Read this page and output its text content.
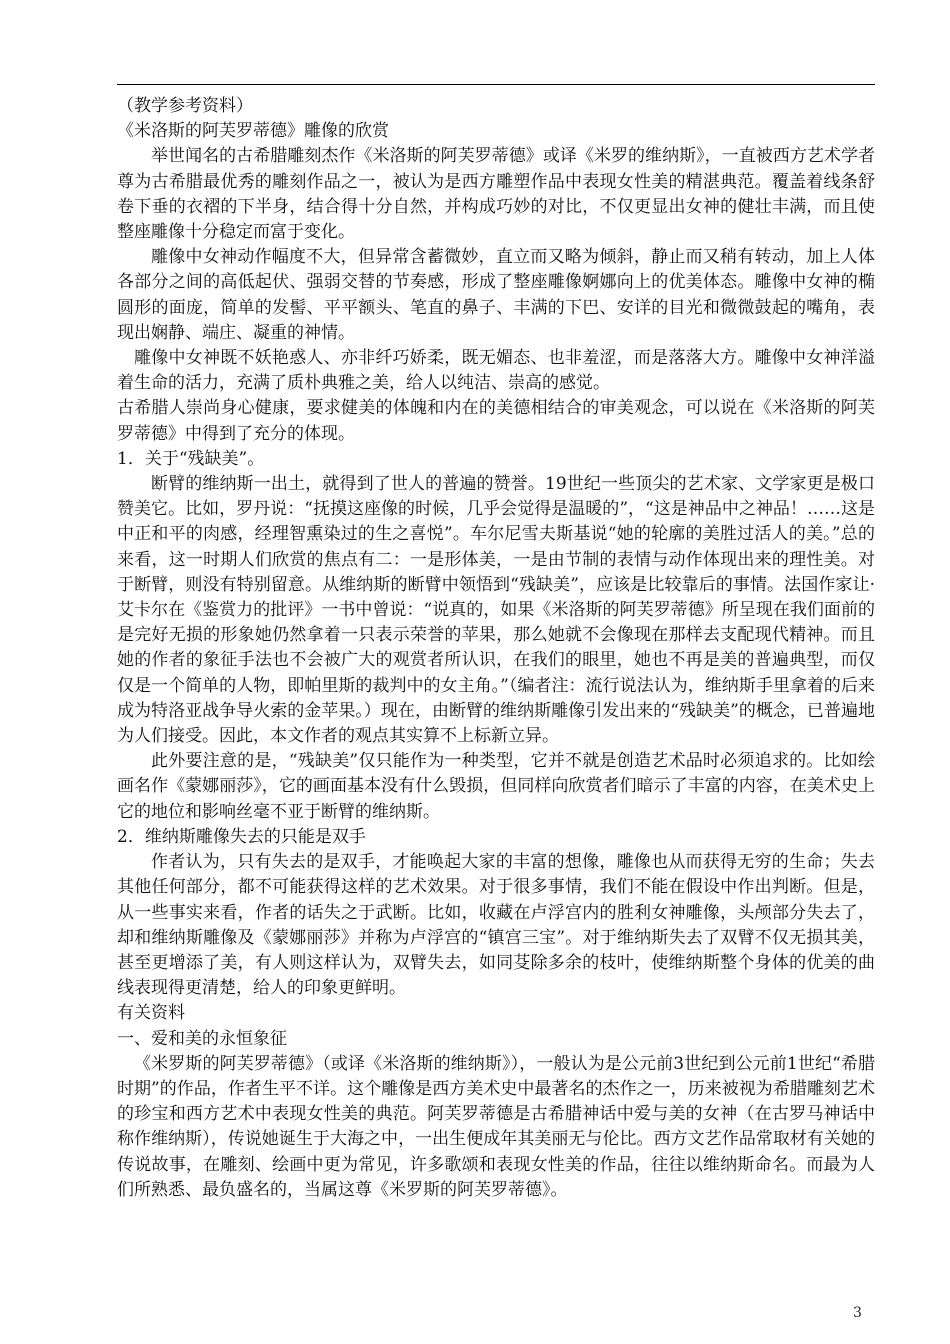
（教学参考资料）

《米洛斯的阿芙罗蒂德》雕像的欣赏

举世闻名的古希腊雕刻杰作《米洛斯的阿芙罗蒂德》或译《米罗的维纳斯》，一直被西方艺术学者尊为古希腊最优秀的雕刻作品之一，被认为是西方雕塑作品中表现女性美的精湛典范。覆盖着线条舒卷下垂的衣褶的下半身，结合得十分自然，并构成巧妙的对比，不仅更显出女神的健壮丰满，而且使整座雕像十分稳定而富于变化。

雕像中女神动作幅度不大，但异常含蓄微妙，直立而又略为倾斜，静止而又稍有转动，加上人体各部分之间的高低起伏、强弱交替的节奏感，形成了整座雕像婀娜向上的优美体态。雕像中女神的椭圆形的面庞，简单的发髻、平平额头、笔直的鼻子、丰满的下巴、安详的目光和微微鼓起的嘴角，表现出娴静、端庄、凝重的神情。

雕像中女神既不妖艳惑人、亦非纤巧娇柔，既无媚态、也非羞涩，而是落落大方。雕像中女神洋溢着生命的活力，充满了质朴典雅之美，给人以纯洁、崇高的感觉。

古希腊人崇尚身心健康，要求健美的体魄和内在的美德相结合的审美观念，可以说在《米洛斯的阿芙罗蒂德》中得到了充分的体现。

1．关于“残缺美”。

断臂的维纳斯一出土，就得到了世人的普遍的赞誉。19世纪一些顶尖的艺术家、文学家更是极口赞美它。比如，罗丹说：“抚摸这座像的时候，几乎会觉得是温暖的”，“这是神品中之神品！……这是中正和平的肉感，经理智熏染过的生之喜悦”。车尔尼雪夫斯基说“她的轮廓的美胜过活人的美。”总的来看，这一时期人们欣赏的焦点有二：一是形体美，一是由节制的表情与动作体现出来的理性美。对于断臂，则没有特别留意。从维纳斯的断臂中领悟到“残缺美”，应该是比较靠后的事情。法国作家让·艾卡尔在《鉴赏力的批评》一书中曾说：“说真的，如果《米洛斯的阿芙罗蒂德》所呈现在我们面前的是完好无损的形象她仍然拿着一只表示荣誉的苹果，那么她就不会像现在那样去支配现代精神。而且她的作者的象征手法也不会被广大的观赏者所认识，在我们的眼里，她也不再是美的普遍典型，而仅仅是一个简单的人物，即帕里斯的裁判中的女主角。”（编者注：流行说法认为，维纳斯手里拿着的后来成为特洛亚战争导火索的金苹果。）现在，由断臂的维纳斯雕像引发出来的“残缺美”的概念，已普遍地为人们接受。因此，本文作者的观点其实算不上标新立异。

此外要注意的是，“残缺美”仅只能作为一种类型，它并不就是创造艺术品时必须追求的。比如绘画名作《蒙娜丽莎》，它的画面基本没有什么毁损，但同样向欣赏者们暗示了丰富的内容，在美术史上它的地位和影响丝毫不亚于断臂的维纳斯。

2．维纳斯雕像失去的只能是双手

作者认为，只有失去的是双手，才能唤起大家的丰富的想像，雕像也从而获得无穷的生命；失去其他任何部分，都不可能获得这样的艺术效果。对于很多事情，我们不能在假设中作出判断。但是，从一些事实来看，作者的话失之于武断。比如，收藏在卢浮宫内的胜利女神雕像，头颅部分失去了，却和维纳斯雕像及《蒙娜丽莎》并称为卢浮宫的“镇宫三宝”。对于维纳斯失去了双臂不仅无损其美，甚至更增添了美，有人则这样认为，双臂失去，如同芟除多余的枝叶，使维纳斯整个身体的优美的曲线表现得更清楚，给人的印象更鲜明。

有关资料

一、爱和美的永恒象征

《米罗斯的阿芙罗蒂德》（或译《米洛斯的维纳斯》），一般认为是公元前3世纪到公元前1世纪“希腊时期”的作品，作者生平不详。这个雕像是西方美术史中最著名的杰作之一，历来被视为希腊雕刻艺术的珍宝和西方艺术中表现女性美的典范。阿芙罗蒂德是古希腊神话中爱与美的女神（在古罗马神话中称作维纳斯），传说她诞生于大海之中，一出生便成年其美丽无与伦比。西方文艺作品常取材有关她的传说故事，在雕刻、绘画中更为常见，许多歌颂和表现女性美的作品，往往以维纳斯命名。而最为人们所熟悉、最负盛名的，当属这尊《米罗斯的阿芙罗蒂德》。

3
